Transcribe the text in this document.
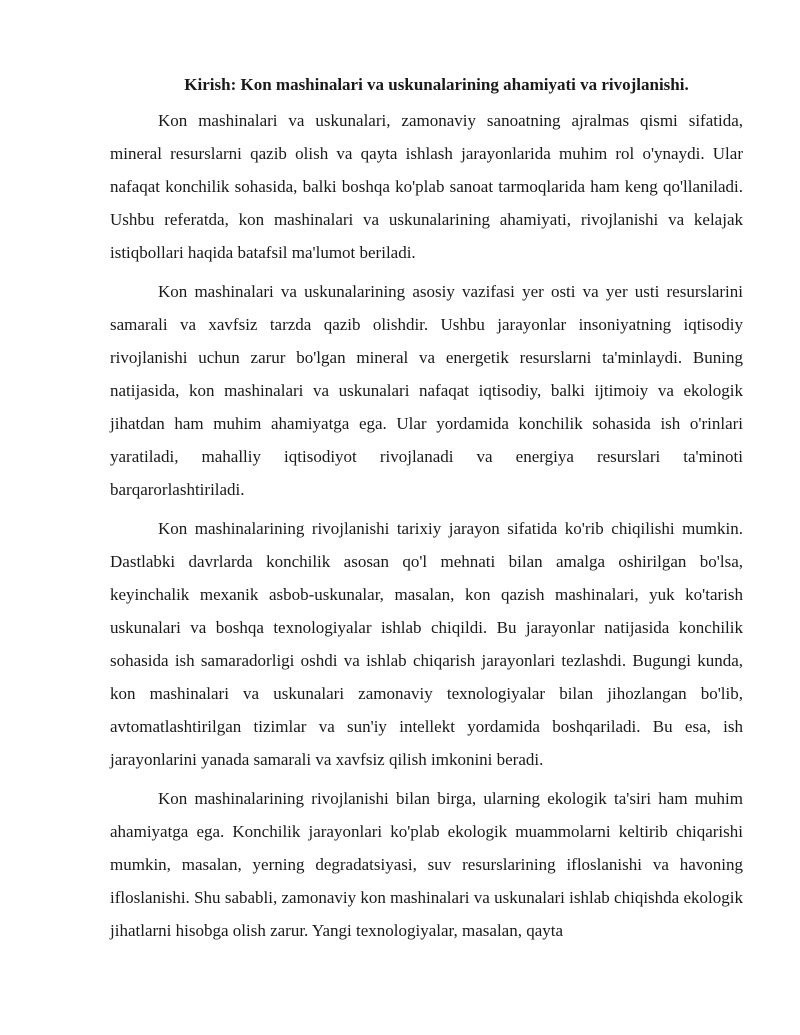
Kirish: Kon mashinalari va uskunalarining ahamiyati va rivojlanishi.

Kon mashinalari va uskunalari, zamonaviy sanoatning ajralmas qismi sifatida, mineral resurslarni qazib olish va qayta ishlash jarayonlarida muhim rol o'ynaydi. Ular nafaqat konchilik sohasida, balki boshqa ko'plab sanoat tarmoqlarida ham keng qo'llaniladi. Ushbu referatda, kon mashinalari va uskunalarining ahamiyati, rivojlanishi va kelajak istiqbollari haqida batafsil ma'lumot beriladi.

Kon mashinalari va uskunalarining asosiy vazifasi yer osti va yer usti resurslarini samarali va xavfsiz tarzda qazib olishdir. Ushbu jarayonlar insoniyatning iqtisodiy rivojlanishi uchun zarur bo'lgan mineral va energetik resurslarni ta'minlaydi. Buning natijasida, kon mashinalari va uskunalari nafaqat iqtisodiy, balki ijtimoiy va ekologik jihatdan ham muhim ahamiyatga ega. Ular yordamida konchilik sohasida ish o'rinlari yaratiladi, mahalliy iqtisodiyot rivojlanadi va energiya resurslari ta'minoti barqarorlashtiriladi.

Kon mashinalarining rivojlanishi tarixiy jarayon sifatida ko'rib chiqilishi mumkin. Dastlabki davrlarda konchilik asosan qo'l mehnati bilan amalga oshirilgan bo'lsa, keyinchalik mexanik asbob-uskunalar, masalan, kon qazish mashinalari, yuk ko'tarish uskunalari va boshqa texnologiyalar ishlab chiqildi. Bu jarayonlar natijasida konchilik sohasida ish samaradorligi oshdi va ishlab chiqarish jarayonlari tezlashdi. Bugungi kunda, kon mashinalari va uskunalari zamonaviy texnologiyalar bilan jihozlangan bo'lib, avtomatlashtirilgan tizimlar va sun'iy intellekt yordamida boshqariladi. Bu esa, ish jarayonlarini yanada samarali va xavfsiz qilish imkonini beradi.

Kon mashinalarining rivojlanishi bilan birga, ularning ekologik ta'siri ham muhim ahamiyatga ega. Konchilik jarayonlari ko'plab ekologik muammolarni keltirib chiqarishi mumkin, masalan, yerning degradatsiyasi, suv resurslarining ifloslanishi va havoning ifloslanishi. Shu sababli, zamonaviy kon mashinalari va uskunalari ishlab chiqishda ekologik jihatlarni hisobga olish zarur. Yangi texnologiyalar, masalan, qayta
